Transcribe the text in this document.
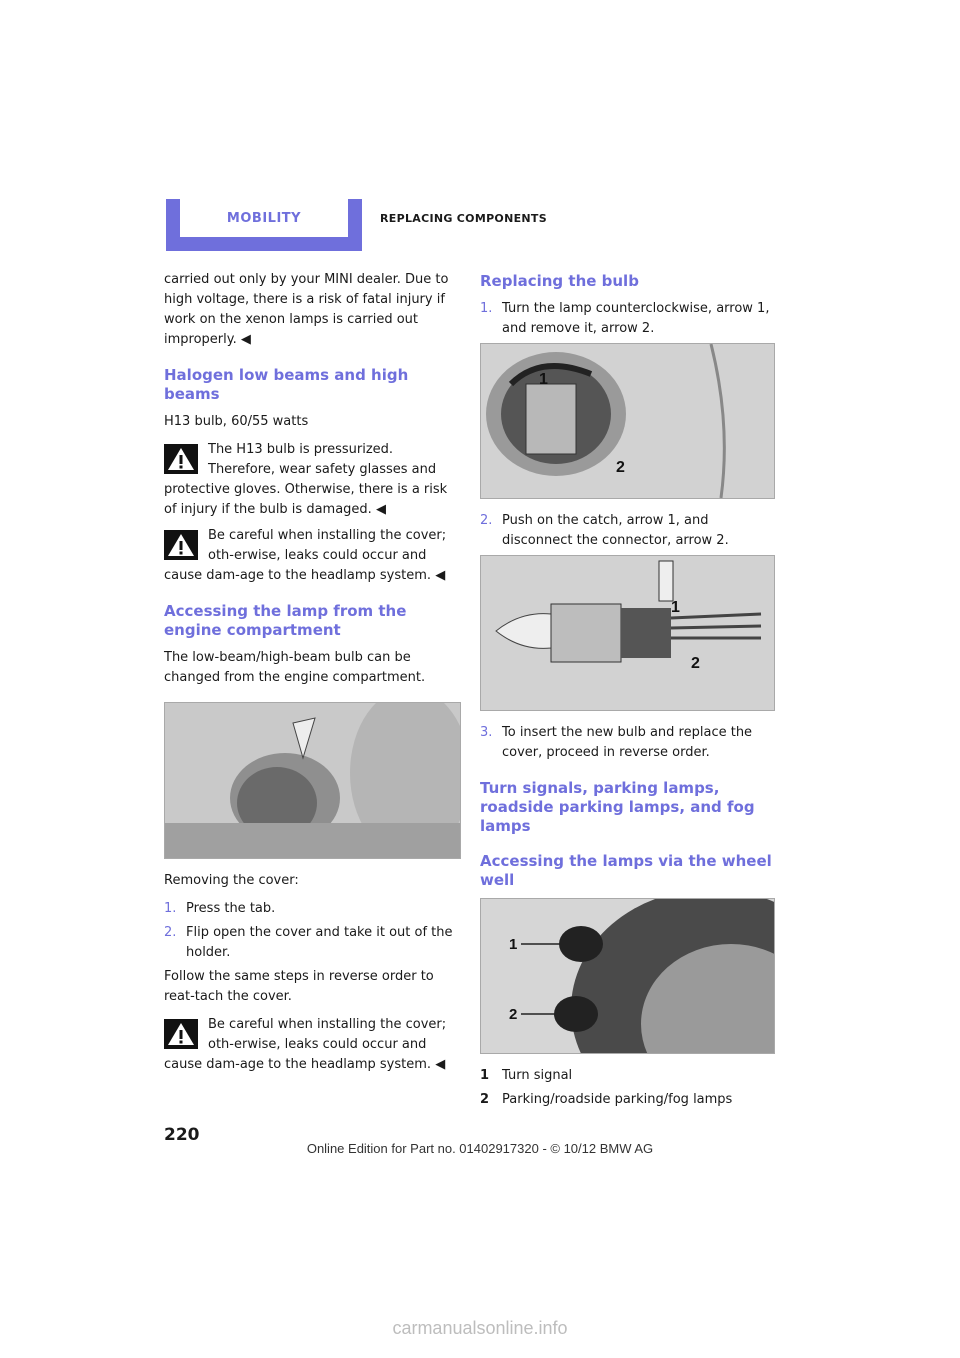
MOBILITY	REPLACING COMPONENTS

carried out only by your MINI dealer. Due to high voltage, there is a risk of fatal injury if work on the xenon lamps is carried out improperly. ◀

Halogen low beams and high beams

H13 bulb, 60/55 watts

The H13 bulb is pressurized. Therefore, wear safety glasses and protective gloves. Otherwise, there is a risk of injury if the bulb is damaged. ◀
Be careful when installing the cover; oth-erwise, leaks could occur and cause dam-age to the headlamp system. ◀
Accessing the lamp from the engine compartment

The low-beam/high-beam bulb can be changed from the engine compartment.

Removing the cover:

1. Press the tab.
2. Flip open the cover and take it out of the holder.

Follow the same steps in reverse order to reat-tach the cover.

Be careful when installing the cover; oth-erwise, leaks could occur and cause dam-age to the headlamp system. ◀
Replacing the bulb
1. Turn the lamp counterclockwise, arrow 1, and remove it, arrow 2.
1
2
2. Push on the catch, arrow 1, and disconnect the connector, arrow 2.
1
2
3. To insert the new bulb and replace the cover, proceed in reverse order.
Turn signals, parking lamps, roadside parking lamps, and fog lamps
Accessing the lamps via the wheel well
1
2
1 Turn signal
2 Parking/roadside parking/fog lamps
220
Online Edition for Part no. 01402917320 - © 10/12 BMW AG
carmanualsonline.info
